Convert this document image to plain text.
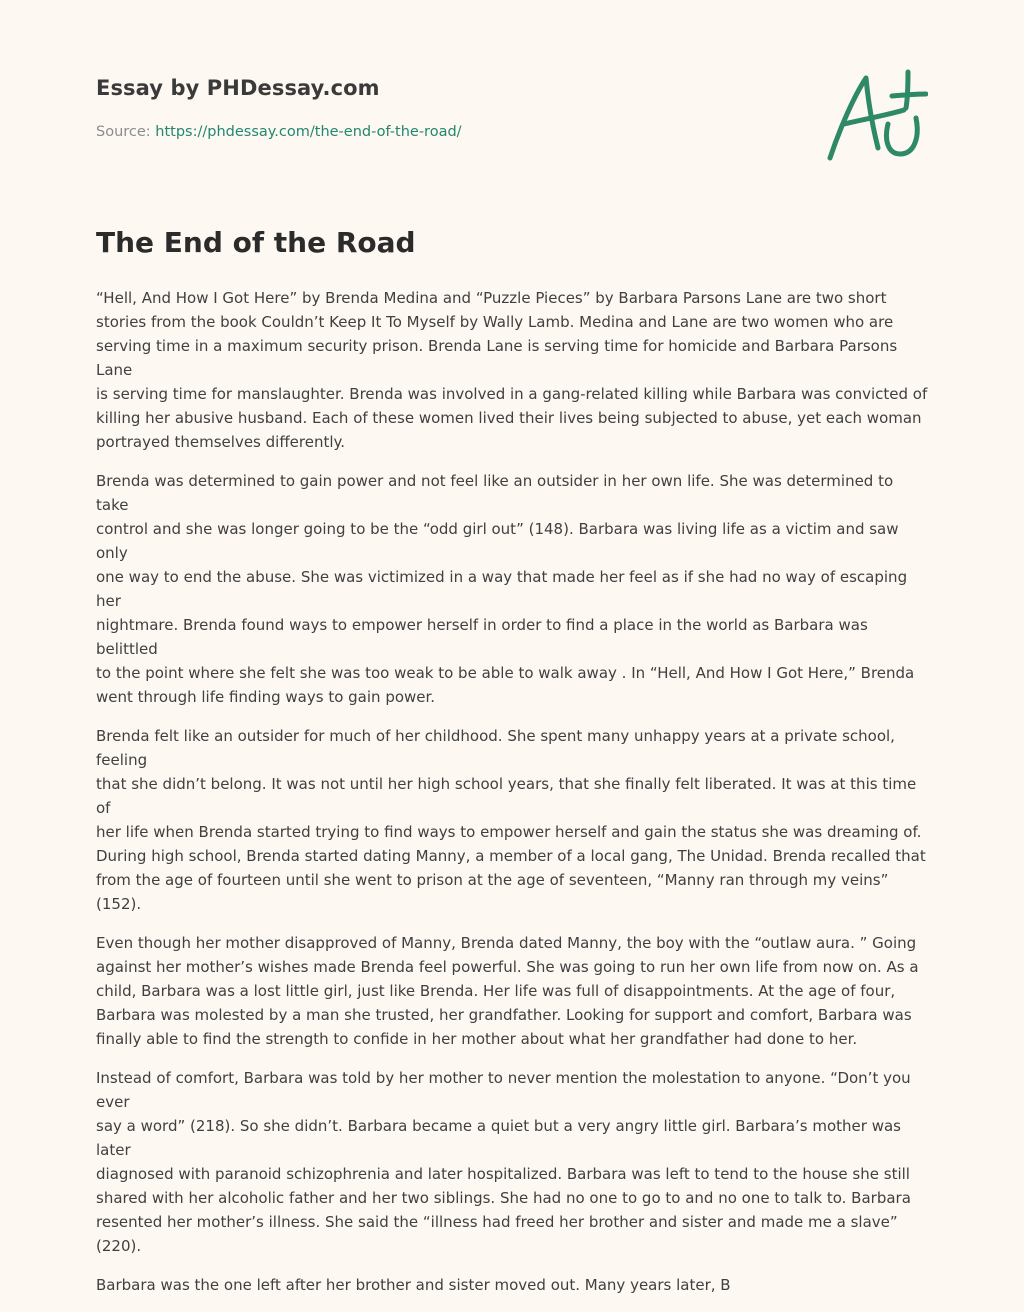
Essay by PHDessay.com
Source: https://phdessay.com/the-end-of-the-road/
The End of the Road

“Hell, And How I Got Here” by Brenda Medina and “Puzzle Pieces” by Barbara Parsons Lane are two short
stories from the book Couldn’t Keep It To Myself by Wally Lamb. Medina and Lane are two women who are
serving time in a maximum security prison. Brenda Lane is serving time for homicide and Barbara Parsons Lane
is serving time for manslaughter. Brenda was involved in a gang-related killing while Barbara was convicted of
killing her abusive husband. Each of these women lived their lives being subjected to abuse, yet each woman
portrayed themselves differently.

Brenda was determined to gain power and not feel like an outsider in her own life. She was determined to take
control and she was longer going to be the “odd girl out” (148). Barbara was living life as a victim and saw only
one way to end the abuse. She was victimized in a way that made her feel as if she had no way of escaping her
nightmare. Brenda found ways to empower herself in order to find a place in the world as Barbara was belittled
to the point where she felt she was too weak to be able to walk away . In “Hell, And How I Got Here,” Brenda
went through life finding ways to gain power.

Brenda felt like an outsider for much of her childhood. She spent many unhappy years at a private school, feeling
that she didn’t belong. It was not until her high school years, that she finally felt liberated. It was at this time of
her life when Brenda started trying to find ways to empower herself and gain the status she was dreaming of.
During high school, Brenda started dating Manny, a member of a local gang, The Unidad. Brenda recalled that
from the age of fourteen until she went to prison at the age of seventeen, “Manny ran through my veins” (152).

Even though her mother disapproved of Manny, Brenda dated Manny, the boy with the “outlaw aura. ” Going
against her mother’s wishes made Brenda feel powerful. She was going to run her own life from now on. As a
child, Barbara was a lost little girl, just like Brenda. Her life was full of disappointments. At the age of four,
Barbara was molested by a man she trusted, her grandfather. Looking for support and comfort, Barbara was
finally able to find the strength to confide in her mother about what her grandfather had done to her.

Instead of comfort, Barbara was told by her mother to never mention the molestation to anyone. “Don’t you ever
say a word” (218). So she didn’t. Barbara became a quiet but a very angry little girl. Barbara’s mother was later
diagnosed with paranoid schizophrenia and later hospitalized. Barbara was left to tend to the house she still
shared with her alcoholic father and her two siblings. She had no one to go to and no one to talk to. Barbara
resented her mother’s illness. She said the “illness had freed her brother and sister and made me a slave” (220).

Barbara was the one left after her brother and sister moved out. Many years later, B
